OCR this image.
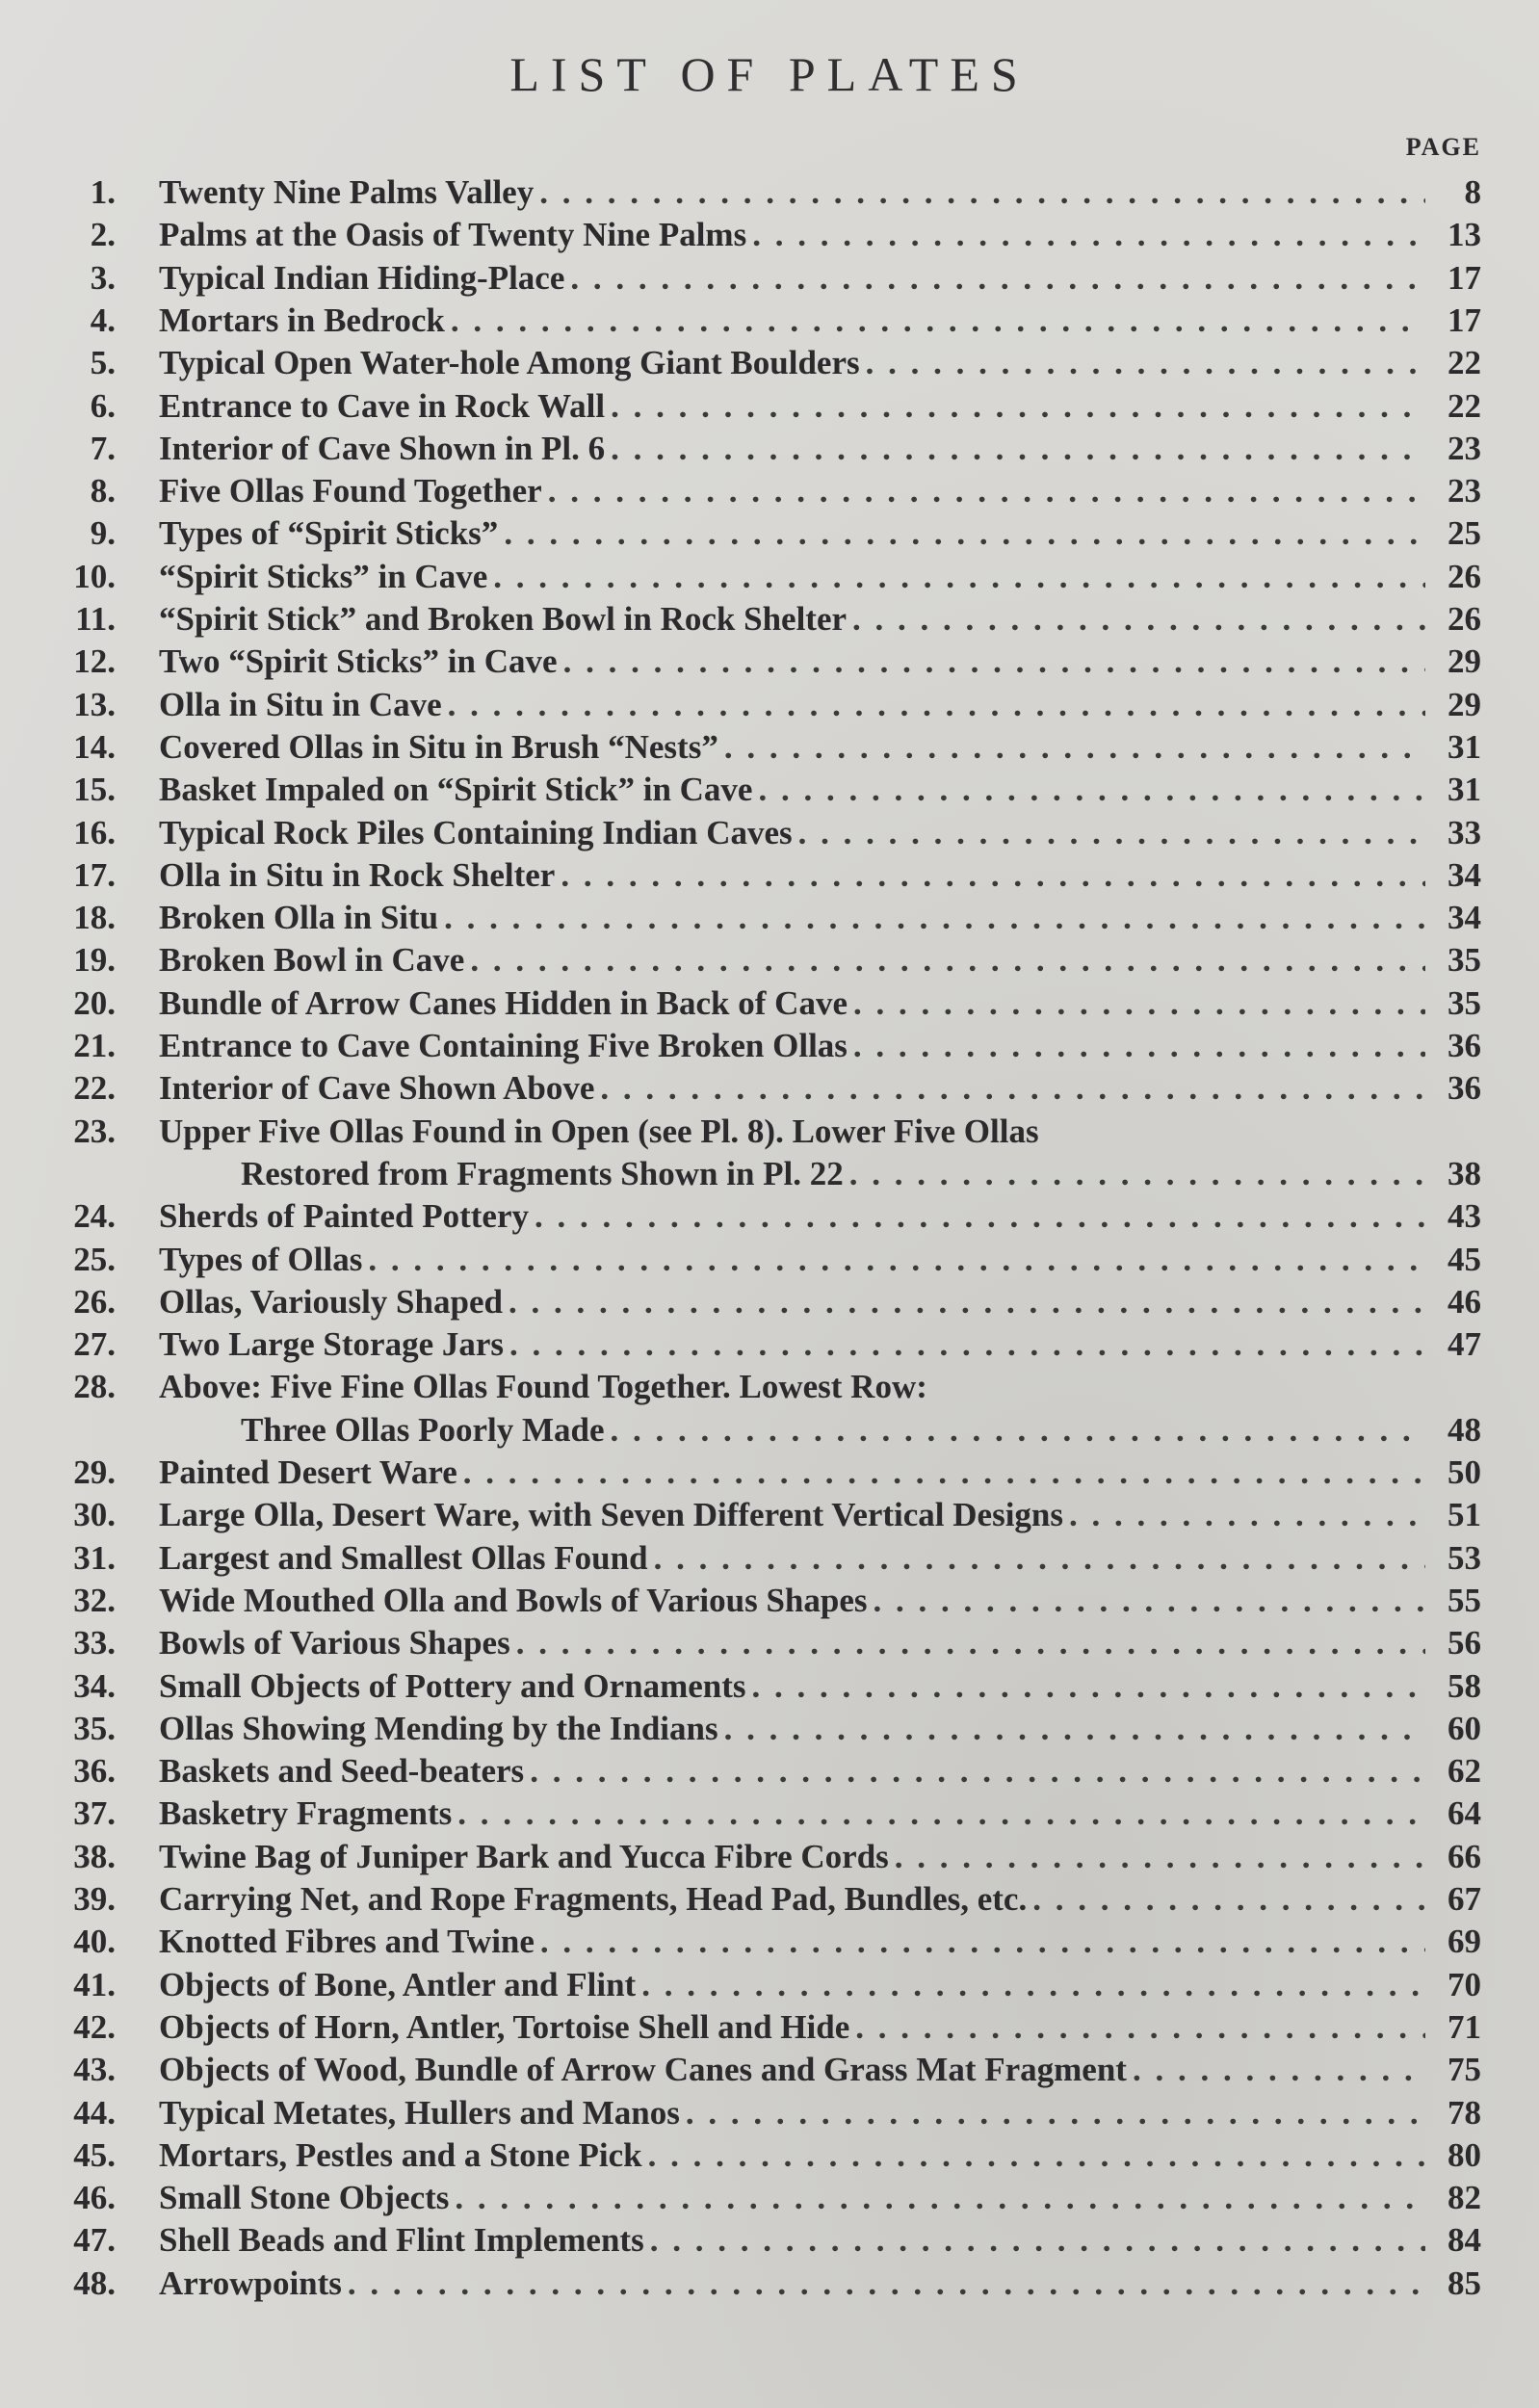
LIST OF PLATES
PAGE
1. Twenty Nine Palms Valley . . .	8
2. Palms at the Oasis of Twenty Nine Palms . . .	13
3. Typical Indian Hiding-Place . . .	17
4. Mortars in Bedrock . . .	17
5. Typical Open Water-hole Among Giant Boulders . . .	22
6. Entrance to Cave in Rock Wall . . .	22
7. Interior of Cave Shown in Pl. 6 . . .	23
8. Five Ollas Found Together . . .	23
9. Types of “Spirit Sticks” . . .	25
10. “Spirit Sticks” in Cave . . .	26
11. “Spirit Stick” and Broken Bowl in Rock Shelter . . .	26
12. Two “Spirit Sticks” in Cave . . .	29
13. Olla in Situ in Cave . . .	29
14. Covered Ollas in Situ in Brush “Nests” . . .	31
15. Basket Impaled on “Spirit Stick” in Cave . . .	31
16. Typical Rock Piles Containing Indian Caves . . .	33
17. Olla in Situ in Rock Shelter . . .	34
18. Broken Olla in Situ . . .	34
19. Broken Bowl in Cave . . .	35
20. Bundle of Arrow Canes Hidden in Back of Cave . . .	35
21. Entrance to Cave Containing Five Broken Ollas . . .	36
22. Interior of Cave Shown Above . . .	36
23. Upper Five Ollas Found in Open (see Pl. 8). Lower Five Ollas
Restored from Fragments Shown in Pl. 22 . . .	38
24. Sherds of Painted Pottery . . .	43
25. Types of Ollas . . .	45
26. Ollas, Variously Shaped . . .	46
27. Two Large Storage Jars . . .	47
28. Above: Five Fine Ollas Found Together. Lowest Row:
Three Ollas Poorly Made . . .	48
29. Painted Desert Ware . . .	50
30. Large Olla, Desert Ware, with Seven Different Vertical Designs . . .	51
31. Largest and Smallest Ollas Found . . .	53
32. Wide Mouthed Olla and Bowls of Various Shapes . . .	55
33. Bowls of Various Shapes . . .	56
34. Small Objects of Pottery and Ornaments . . .	58
35. Ollas Showing Mending by the Indians . . .	60
36. Baskets and Seed-beaters . . .	62
37. Basketry Fragments . . .	64
38. Twine Bag of Juniper Bark and Yucca Fibre Cords . . .	66
39. Carrying Net, and Rope Fragments, Head Pad, Bundles, etc. . . .	67
40. Knotted Fibres and Twine . . .	69
41. Objects of Bone, Antler and Flint . . .	70
42. Objects of Horn, Antler, Tortoise Shell and Hide . . .	71
43. Objects of Wood, Bundle of Arrow Canes and Grass Mat Fragment . . .	75
44. Typical Metates, Hullers and Manos . . .	78
45. Mortars, Pestles and a Stone Pick . . .	80
46. Small Stone Objects . . .	82
47. Shell Beads and Flint Implements . . .	84
48. Arrowpoints . . .	85
